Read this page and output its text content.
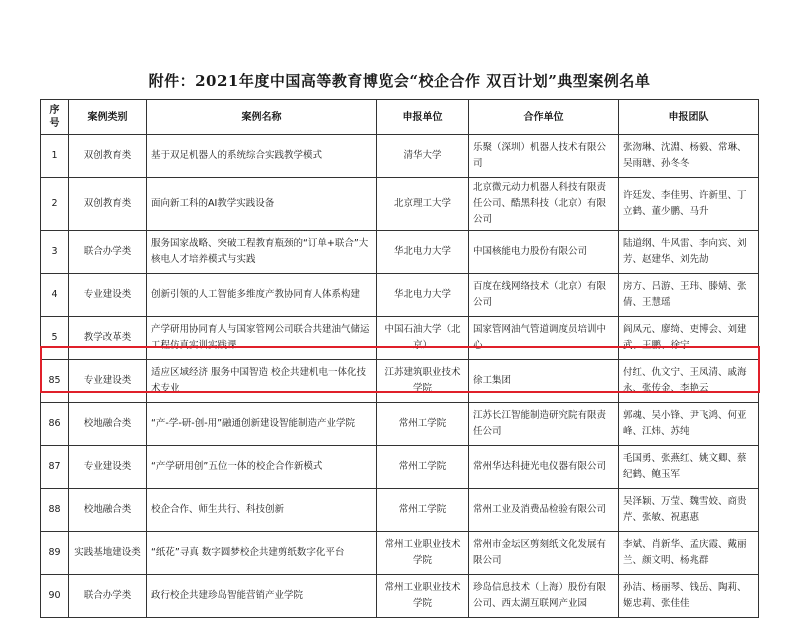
附件：2021年度中国高等教育博览会“校企合作 双百计划”典型案例名单
序号	案例类别	案例名称	申报单位	合作单位	申报团队
1	双创教育类	基于双足机器人的系统综合实践教学模式	清华大学	乐聚（深圳）机器人技术有限公司	张沕琳、沈淵、杨毅、常琳、吴雨瑭、孙冬冬
2	双创教育类	面向新工科的AI教学实践设备	北京理工大学	北京微元动力机器人科技有限责任公司、酷黑科技（北京）有限公司	许廷发、李佳男、许新里、丁立鹤、董少鹏、马升
3	联合办学类	服务国家战略、突破工程教育瓶颈的“订单+联合”大核电人才培养模式与实践	华北电力大学	中国核能电力股份有限公司	陆道纲、牛风雷、李向宾、刘芳、赵建华、刘先劼
4	专业建设类	创新引领的人工智能多维度产教协同育人体系构建	华北电力大学	百度在线网络技术（北京）有限公司	房方、吕游、王玮、滕婧、张倩、王慧瑶
5	教学改革类	产学研用协同育人与国家管网公司联合共建油气储运工程仿真实训实践课	中国石油大学（北京）	国家管网油气管道调度员培训中心	阎凤元、廖绮、吏博会、刘建武、王鹏、徐宁
85	专业建设类	适应区域经济 服务中国智造 校企共建机电一体化技术专业	江苏建筑职业技术学院	徐工集团	付红、仇文宁、王凤清、戚海永、张传金、李艳云
86	校地融合类	“产-学-研-创-用”融通创新建设智能制造产业学院	常州工学院	江苏长江智能制造研究院有限责任公司	郭魂、吴小锋、尹飞鸿、何亚峰、江炜、苏纯
87	专业建设类	“产学研用创”五位一体的校企合作新模式	常州工学院	常州华达科捷光电仪器有限公司	毛国勇、张燕红、姚文卿、蔡纪鹤、鲍玉军
88	校地融合类	校企合作、师生共行、科技创新	常州工学院	常州工业及消费品检验有限公司	吴泽颖、万莹、魏雪姣、商贵芹、张敏、祝惠惠
89	实践基地建设类	“纸花”寻真 数字圆梦校企共建剪纸数字化平台	常州工业职业技术学院	常州市金坛区剪刻纸文化发展有限公司	李斌、肖新华、孟庆霞、戴丽兰、颜文明、杨兆群
90	联合办学类	政行校企共建珍岛智能营销产业学院	常州工业职业技术学院	珍岛信息技术（上海）股份有限公司、西太湖互联网产业园	孙洁、杨丽琴、钱岳、陶莉、姬忠莉、张佳佳
